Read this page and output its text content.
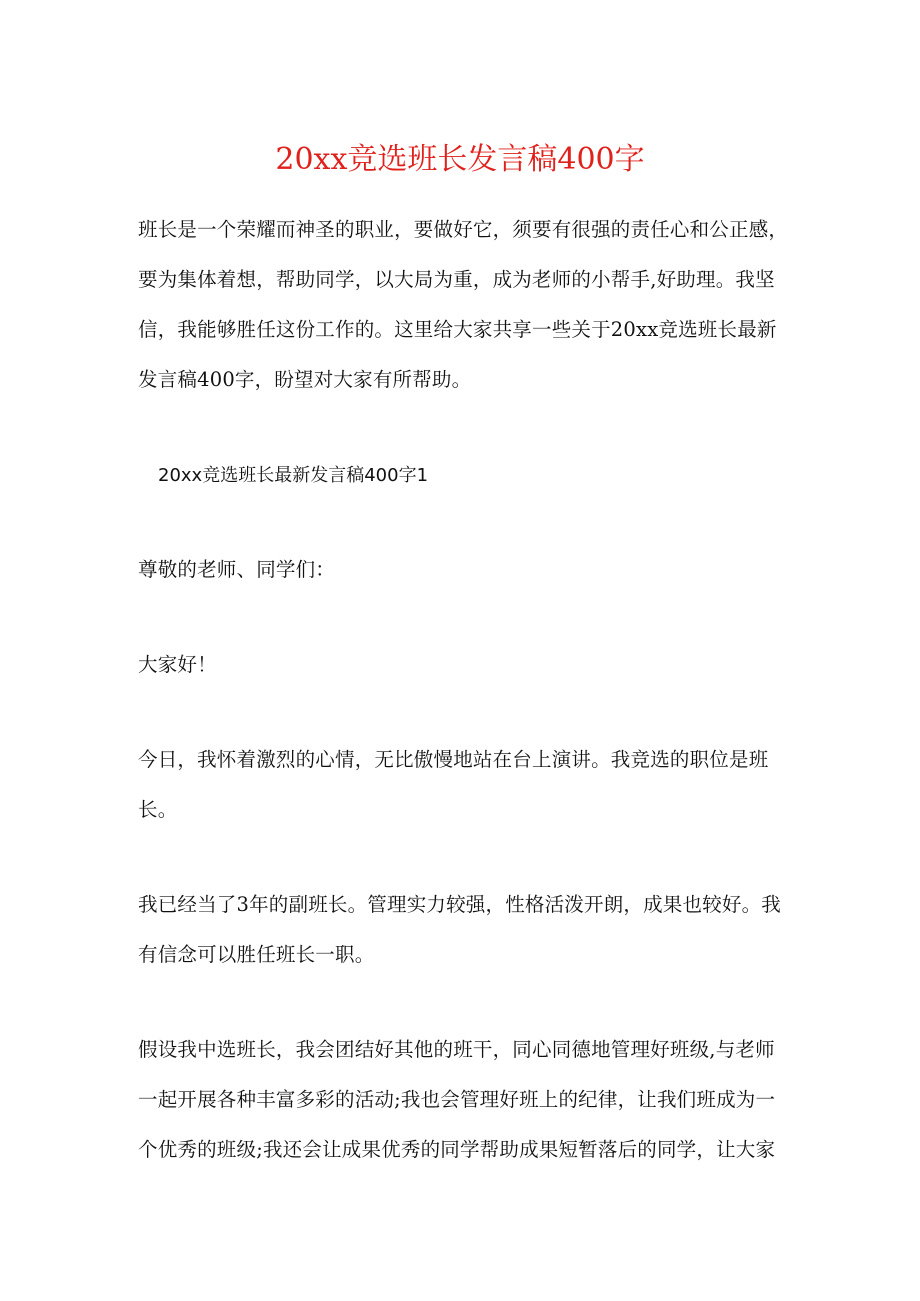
20xx竞选班长发言稿400字

班长是一个荣耀而神圣的职业，要做好它，须要有很强的责任心和公正感，
要为集体着想，帮助同学，以大局为重，成为老师的小帮手,好助理。我坚
信，我能够胜任这份工作的。这里给大家共享一些关于20xx竞选班长最新
发言稿400字，盼望对大家有所帮助。

20xx竞选班长最新发言稿400字1

尊敬的老师、同学们：

大家好！

今日，我怀着激烈的心情，无比傲慢地站在台上演讲。我竞选的职位是班
长。

我已经当了3年的副班长。管理实力较强，性格活泼开朗，成果也较好。我
有信念可以胜任班长一职。

假设我中选班长，我会团结好其他的班干，同心同德地管理好班级,与老师
一起开展各种丰富多彩的活动;我也会管理好班上的纪律，让我们班成为一
个优秀的班级;我还会让成果优秀的同学帮助成果短暂落后的同学，让大家
